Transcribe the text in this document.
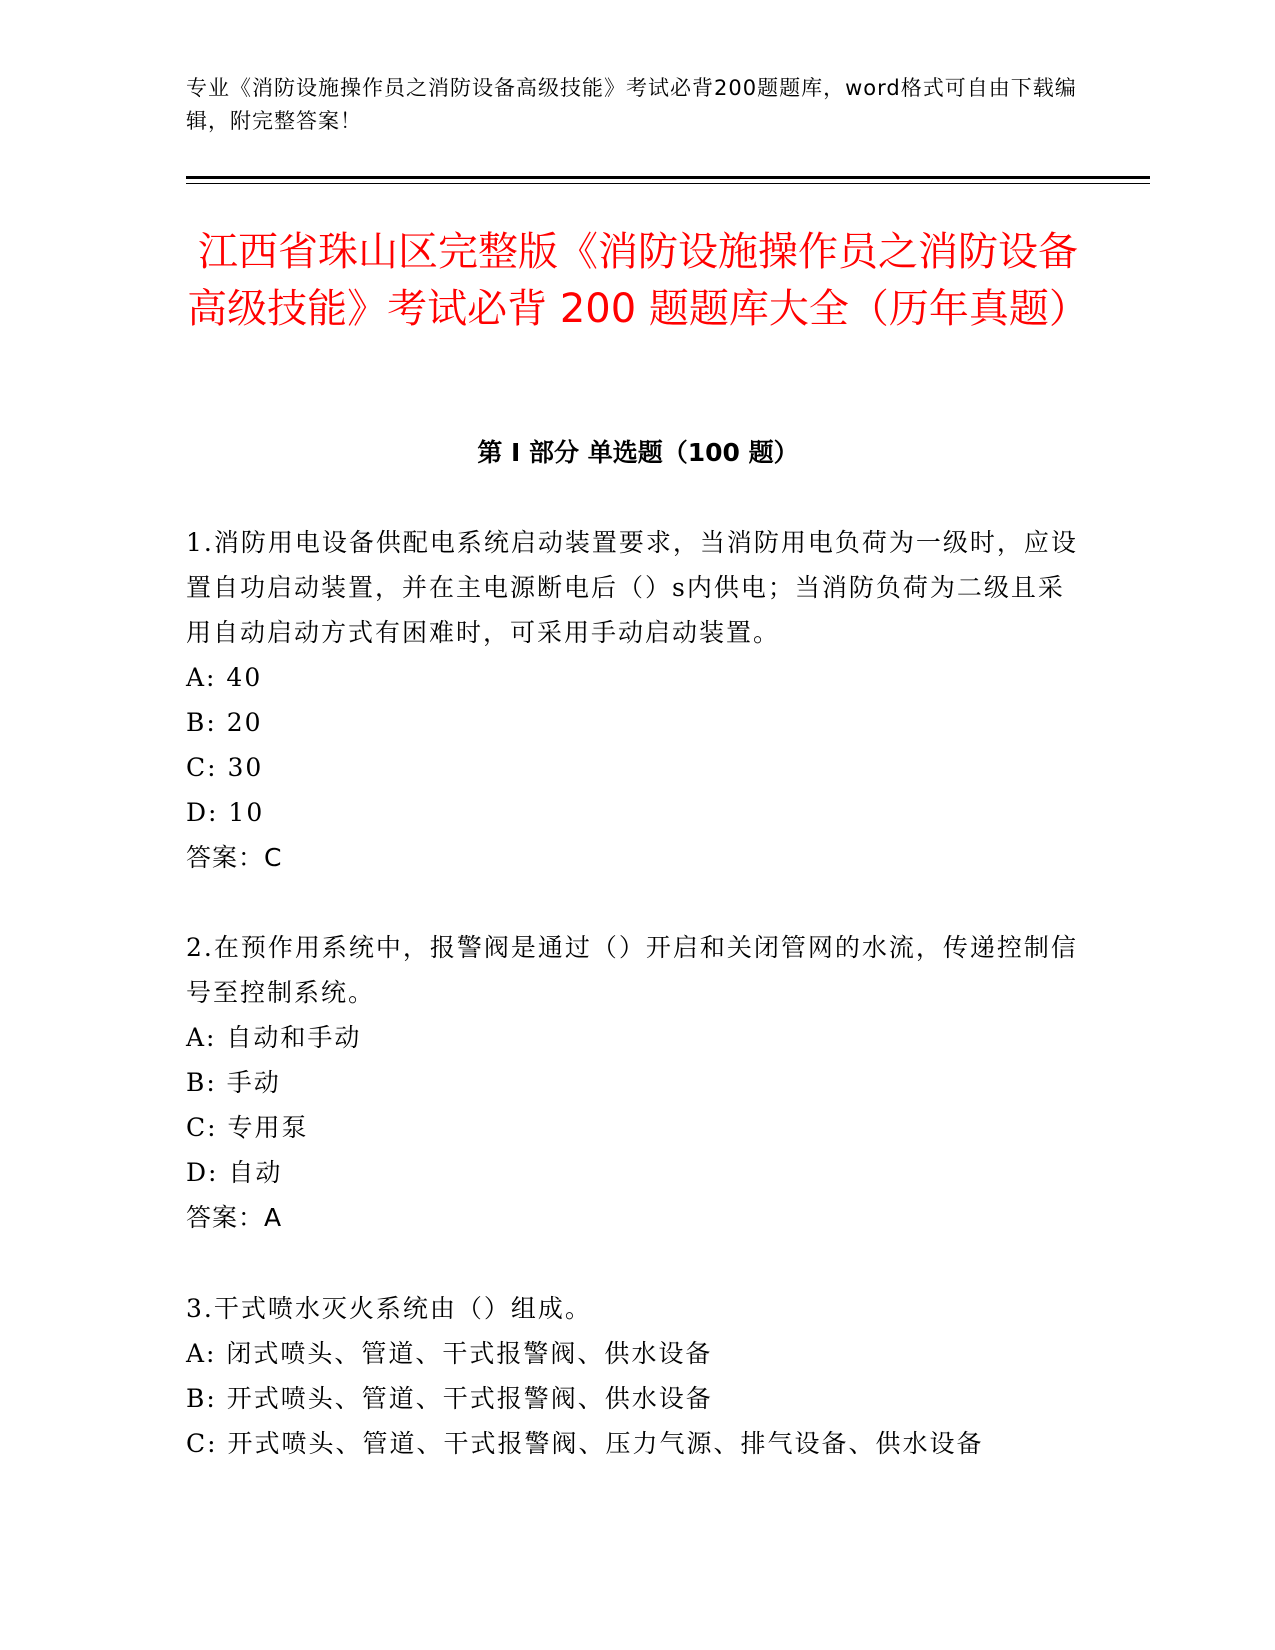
专业《消防设施操作员之消防设备高级技能》考试必背200题题库，word格式可自由下载编辑，附完整答案！
江西省珠山区完整版《消防设施操作员之消防设备高级技能》考试必背 200 题题库大全（历年真题）
第 I 部分 单选题（100 题）

1.消防用电设备供配电系统启动装置要求，当消防用电负荷为一级时，应设置自功启动装置，并在主电源断电后（）s内供电；当消防负荷为二级且采用自动启动方式有困难时，可采用手动启动装置。

A: 40

B: 20

C: 30

D: 10

答案：C

2.在预作用系统中，报警阀是通过（）开启和关闭管网的水流，传递控制信号至控制系统。

A: 自动和手动

B: 手动

C: 专用泵

D: 自动

答案：A

3.干式喷水灭火系统由（）组成。

A: 闭式喷头、管道、干式报警阀、供水设备

B: 开式喷头、管道、干式报警阀、供水设备

C: 开式喷头、管道、干式报警阀、压力气源、排气设备、供水设备
